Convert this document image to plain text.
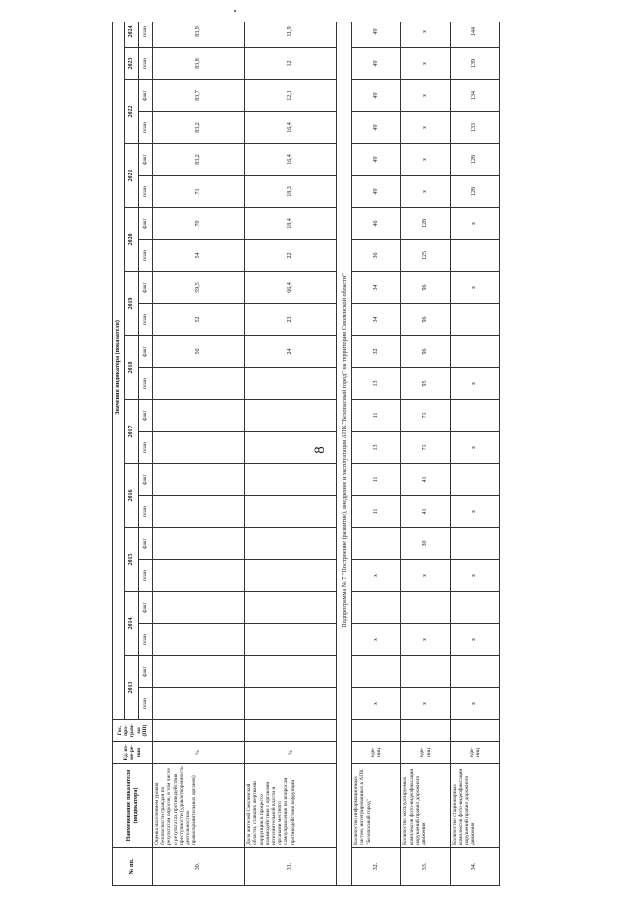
8
№ пп.	Наименование показателя (индикатора)	Ед. из-ме-ре-ния	Гос. про-грам-ма (ПП)	Значения индикатора (показателя)																						
				2013		2014		2015		2016		2017		2018		2019		2020		2021		2022		2023	2024	
				план	факт	план	факт	план	факт	план	факт	план	факт	план	факт	план	факт	план	факт	план	факт	план	факт	план	план	
30.	Оценка населением уровня безопасности граждан по результатам опросов, в том числе о результатах противодействия преступности (удовлетворенность деятельностью правоохранительных органов)	%													50	52	59,5	54	70	71	83,2	83,2	83,7	83,8	83,9	
31.	Доля жителей Смоленской области, ставших жертвами коррупции в процессе взаимодействия с органами исполнительной власти и органами местного самоуправления по вопросам противодействия коррупции	%													24	23	66,4	22	18,4	18,3	16,4	16,4	12,1	12	11,9	
Подпрограмма № 7 "Построение (развитие), внедрение и эксплуатация АПК "Безопасный город" на территории Смоленской области"																										
32.	Количество информационных систем, интегрированных в АПК "Безопасный город"	еди-ниц		х		х		х		11	11	13	11	13	32	34	34	36	46	49	49	49	49	49	49	
33.	Количество эксплуатируемых комплексов фото-видеофиксации нарушений правил дорожного движения	еди-ниц		х		х		х	30	41	41	71	71	95	96	96	96	125	128	х	х	х	х	х	х	
34.	Количество стационарных комплексов фото-видеофиксации нарушений правил дорожного движения	еди-ниц		х		х		х		х		х		х			х		х	128	128	133	134	139	144	
